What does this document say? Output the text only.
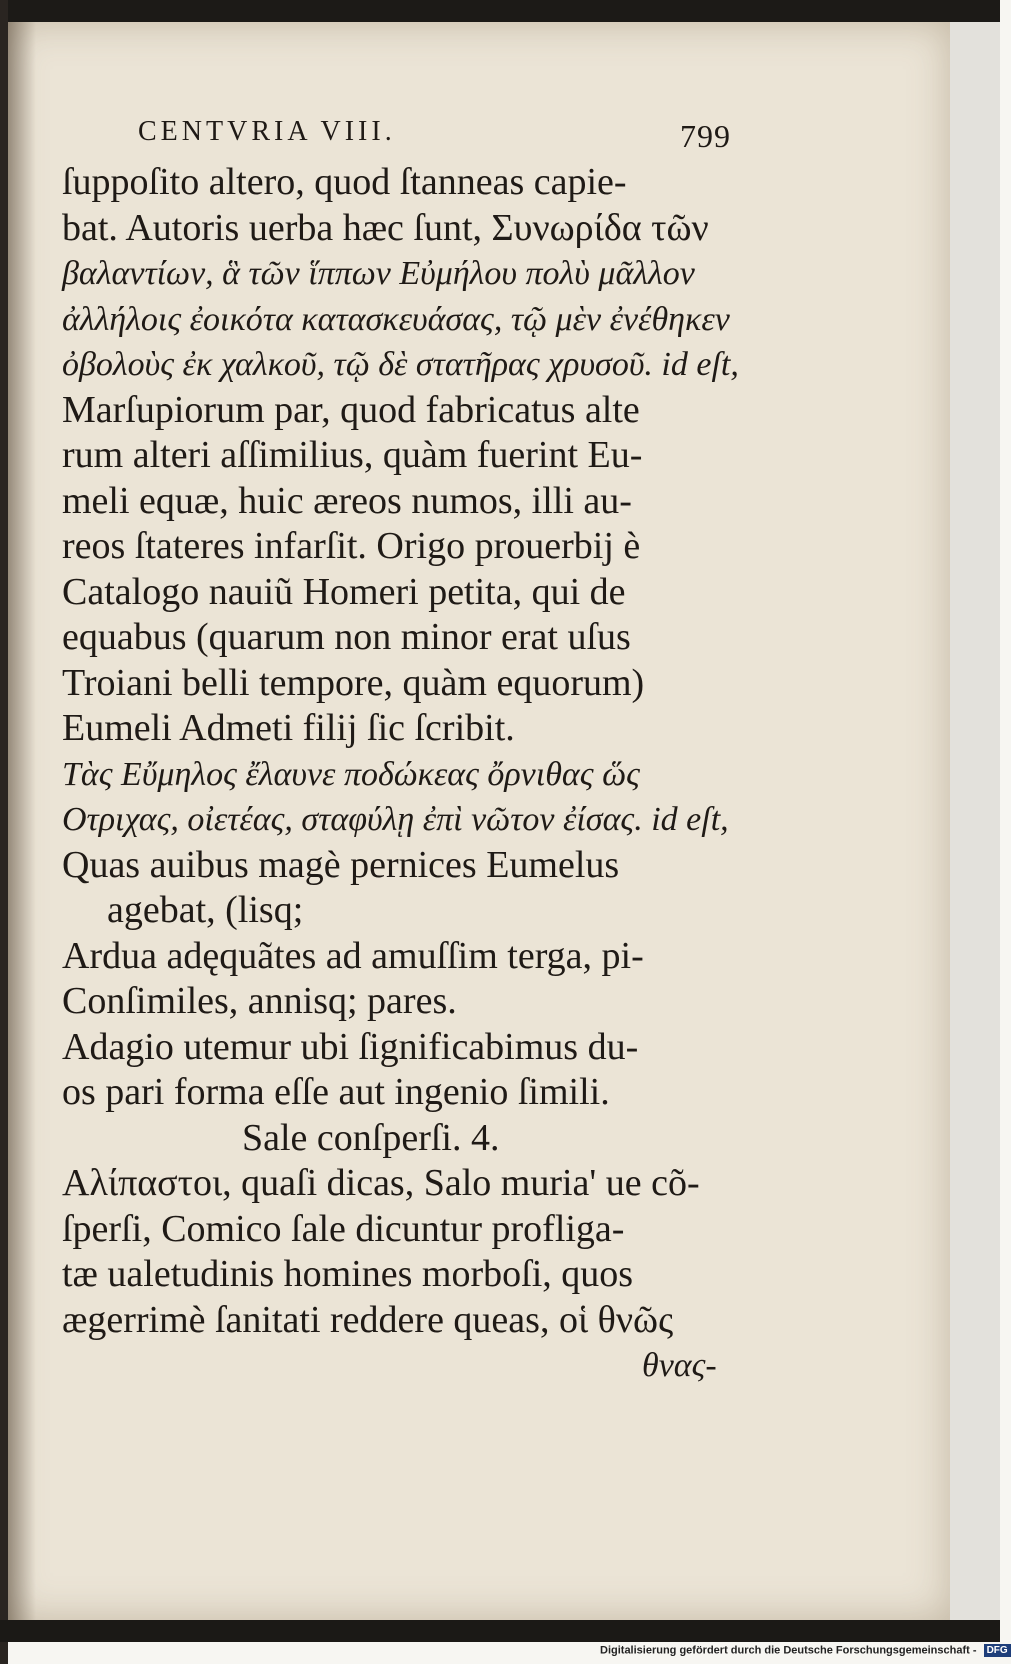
CENTVRIA VIII.	799
ſuppoſito altero, quod ſtanneas capie-
bat. Autoris uerba hæc ſunt, Συνωρίδα τῶν
βαλαντίων, ἃ τῶν ἵππων Εὐμήλου πολὺ μᾶλλον
ἀλλήλοις ἐοικότα κατασκευάσας, τῷ μὲν ἐνέθηκεν
ὀβολοὺς ἐκ χαλκοῦ, τῷ δὲ στατῆρας χρυσοῦ. id eſt,
Marſupiorum par, quod fabricatus alte
rum alteri aſſimilius, quàm fuerint Eu-
meli equæ, huic æreos numos, illi au-
reos ſtateres infarſit. Origo prouerbij è
Catalogo nauiũ Homeri petita, qui de
equabus (quarum non minor erat uſus
Troiani belli tempore, quàm equorum)
Eumeli Admeti filij ſic ſcribit.
Τὰς Εὔμηλος ἔλαυνε ποδώκεας ὄρνιθας ὥς
Οτριχας, οἰετέας, σταφύλῃ ἐπὶ νῶτον ἐίσας. id eſt,
Quas auibus magè pernices Eumelus
agebat, (lisq;
Ardua adęquãtes ad amuſſim terga, pi-
Conſimiles, annisq; pares.
Adagio utemur ubi ſignificabimus du-
os pari forma eſſe aut ingenio ſimili.
Sale conſperſi. 4.
Αλίπαστοι, quaſi dicas, Salo muria' ue cõ-
ſperſi, Comico ſale dicuntur profliga-
tæ ualetudinis homines morboſi, quos
ægerrimè ſanitati reddere queas, οἱ θνῶς
θνας-
Digitalisierung gefördert durch die Deutsche Forschungsgemeinschaft - DFG
